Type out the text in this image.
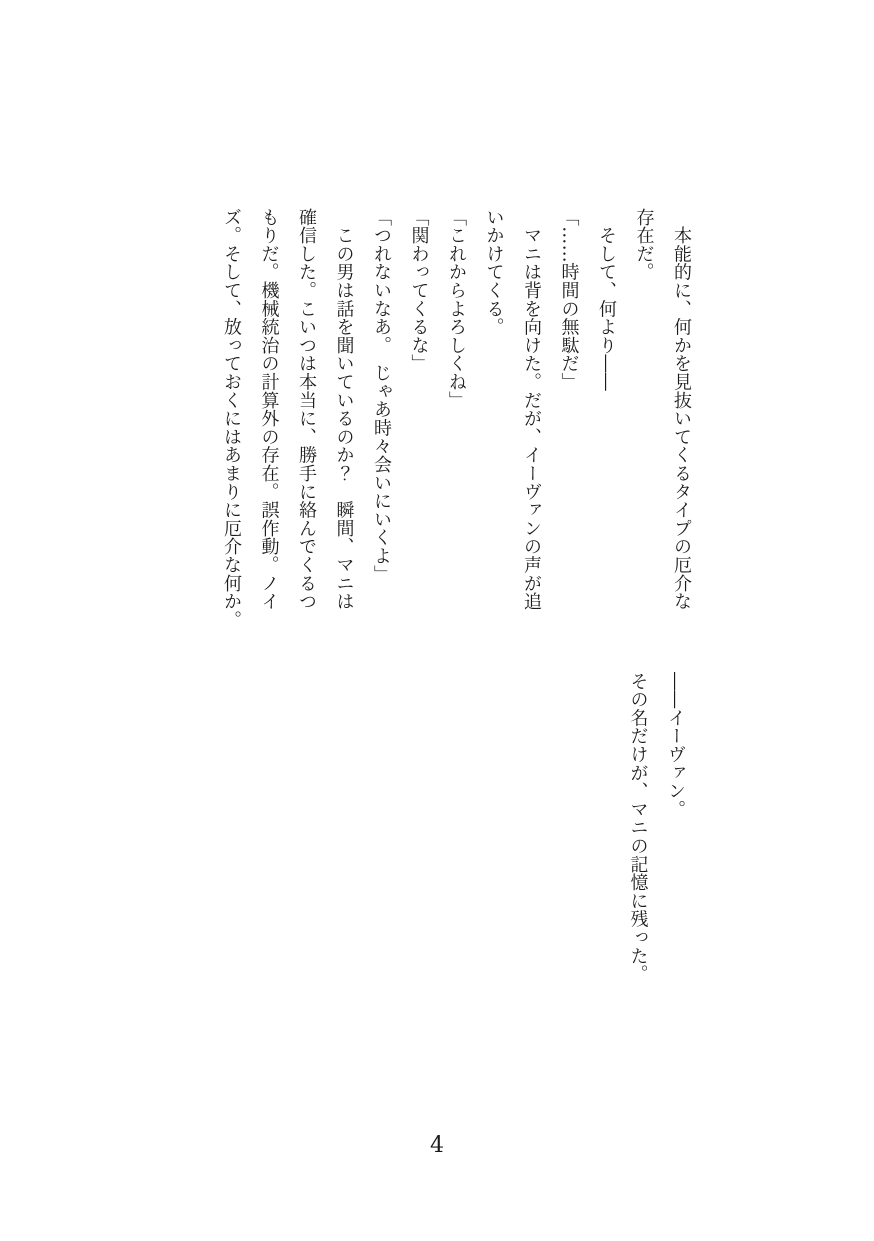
　本能的に、何かを見抜いてくるタイプの厄介な

存在だ。

　そして、何より――

「……時間の無駄だ」

　マニは背を向けた。だが、イーヴァンの声が追

いかけてくる。

「これからよろしくね」

「関わってくるな」

「つれないなあ。　じゃあ時々会いにいくよ」

　この男は話を聞いているのか？　瞬間、マニは

確信した。こいつは本当に、勝手に絡んでくるつ

もりだ。機械統治の計算外の存在。誤作動。ノイ

ズ。そして、放っておくにはあまりに厄介な何か。

――イーヴァン。

その名だけが、マニの記憶に残った。

4
